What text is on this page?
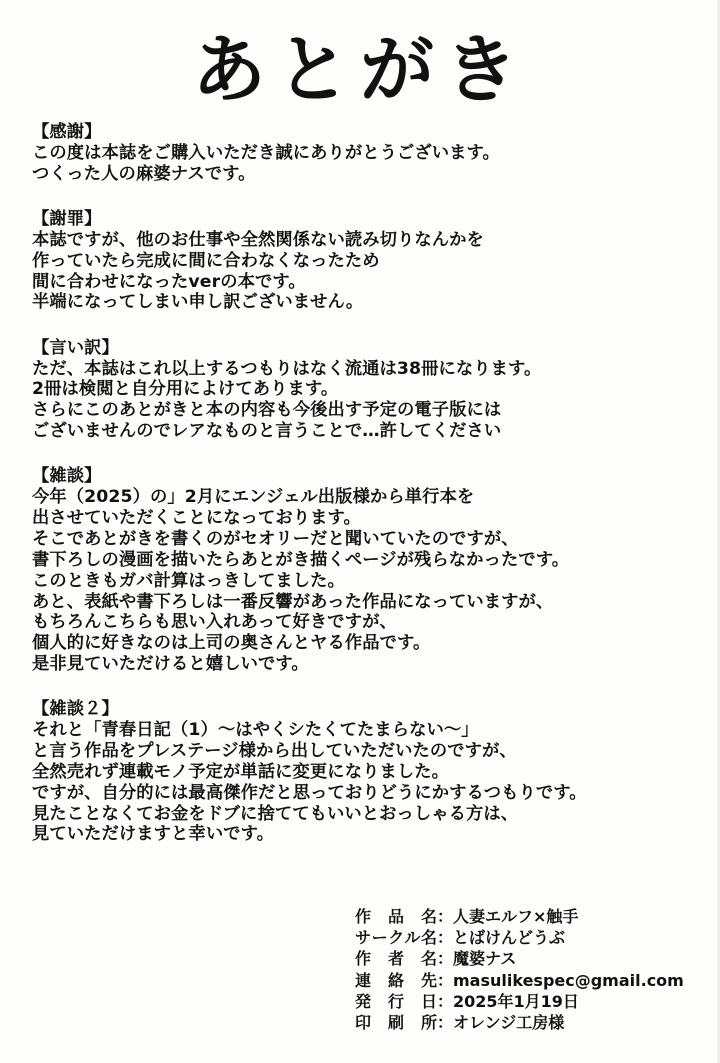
あとがき
【感謝】
この度は本誌をご購入いただき誠にありがとうございます。
つくった人の麻婆ナスです。
【謝罪】
本誌ですが、他のお仕事や全然関係ない読み切りなんかを
作っていたら完成に間に合わなくなったため
間に合わせになったverの本です。
半端になってしまい申し訳ございません。
【言い訳】
ただ、本誌はこれ以上するつもりはなく流通は38冊になります。
2冊は検閲と自分用によけてあります。
さらにこのあとがきと本の内容も今後出す予定の電子版には
ございませんのでレアなものと言うことで…許してください
【雑談】
今年（2025）の」2月にエンジェル出版様から単行本を
出させていただくことになっております。
そこであとがきを書くのがセオリーだと聞いていたのですが、
書下ろしの漫画を描いたらあとがき描くページが残らなかったです。
このときもガバ計算はっきしてました。
あと、表紙や書下ろしは一番反響があった作品になっていますが、
もちろんこちらも思い入れあって好きですが、
個人的に好きなのは上司の奥さんとヤる作品です。
是非見ていただけると嬉しいです。
【雑談２】
それと「青春日記（1）～はやくシたくてたまらない～」
と言う作品をプレステージ様から出していただいたのですが、
全然売れず連載モノ予定が単話に変更になりました。
ですが、自分的には最高傑作だと思っておりどうにかするつもりです。
見たことなくてお金をドブに捨ててもいいとおっしゃる方は、
見ていただけますと幸いです。
作品名 ： 人妻エルフ×触手
サークル名 ： とばけんどうぶ
作者名 ： 魔婆ナス
連絡先 ： masulikespec@gmail.com
発行日 ： 2025年1月19日
印刷所 ： オレンジ工房様
